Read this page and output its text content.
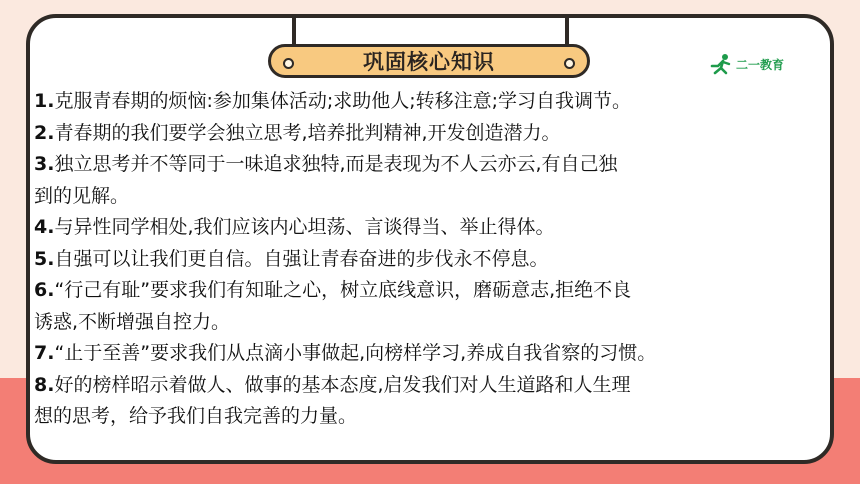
巩固核心知识	二一教育
1.克服青春期的烦恼:参加集体活动;求助他人;转移注意;学习自我调节。
2.青春期的我们要学会独立思考,培养批判精神,开发创造潜力。
3.独立思考并不等同于一味追求独特,而是表现为不人云亦云,有自己独
到的见解。
4.与异性同学相处,我们应该内心坦荡、言谈得当、举止得体。
5.自强可以让我们更自信。自强让青春奋进的步伐永不停息。
6.“行己有耻”要求我们有知耻之心，树立底线意识，磨砺意志,拒绝不良
诱惑,不断增强自控力。
7.“止于至善”要求我们从点滴小事做起,向榜样学习,养成自我省察的习惯。
8.好的榜样昭示着做人、做事的基本态度,启发我们对人生道路和人生理
想的思考，给予我们自我完善的力量。
